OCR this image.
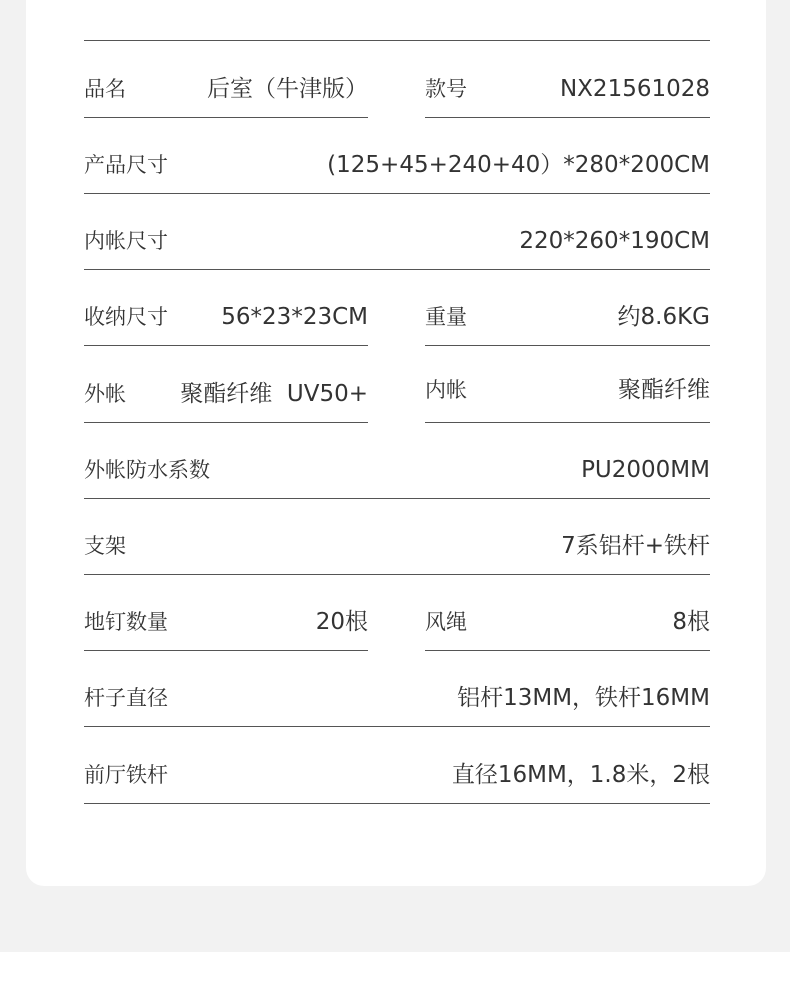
品名	后室（牛津版）	款号	NX21561028
产品尺寸	(125+45+240+40）*280*200CM
内帐尺寸	220*260*190CM
收纳尺寸 56*23*23CM	重量	约8.6KG
外帐 聚酯纤维  UV50+	内帐	聚酯纤维
外帐防水系数	PU2000MM
支架	7系铝杆+铁杆
地钉数量	20根	风绳	8根
杆子直径	铝杆13MM，铁杆16MM
前厅铁杆	直径16MM，1.8米，2根
